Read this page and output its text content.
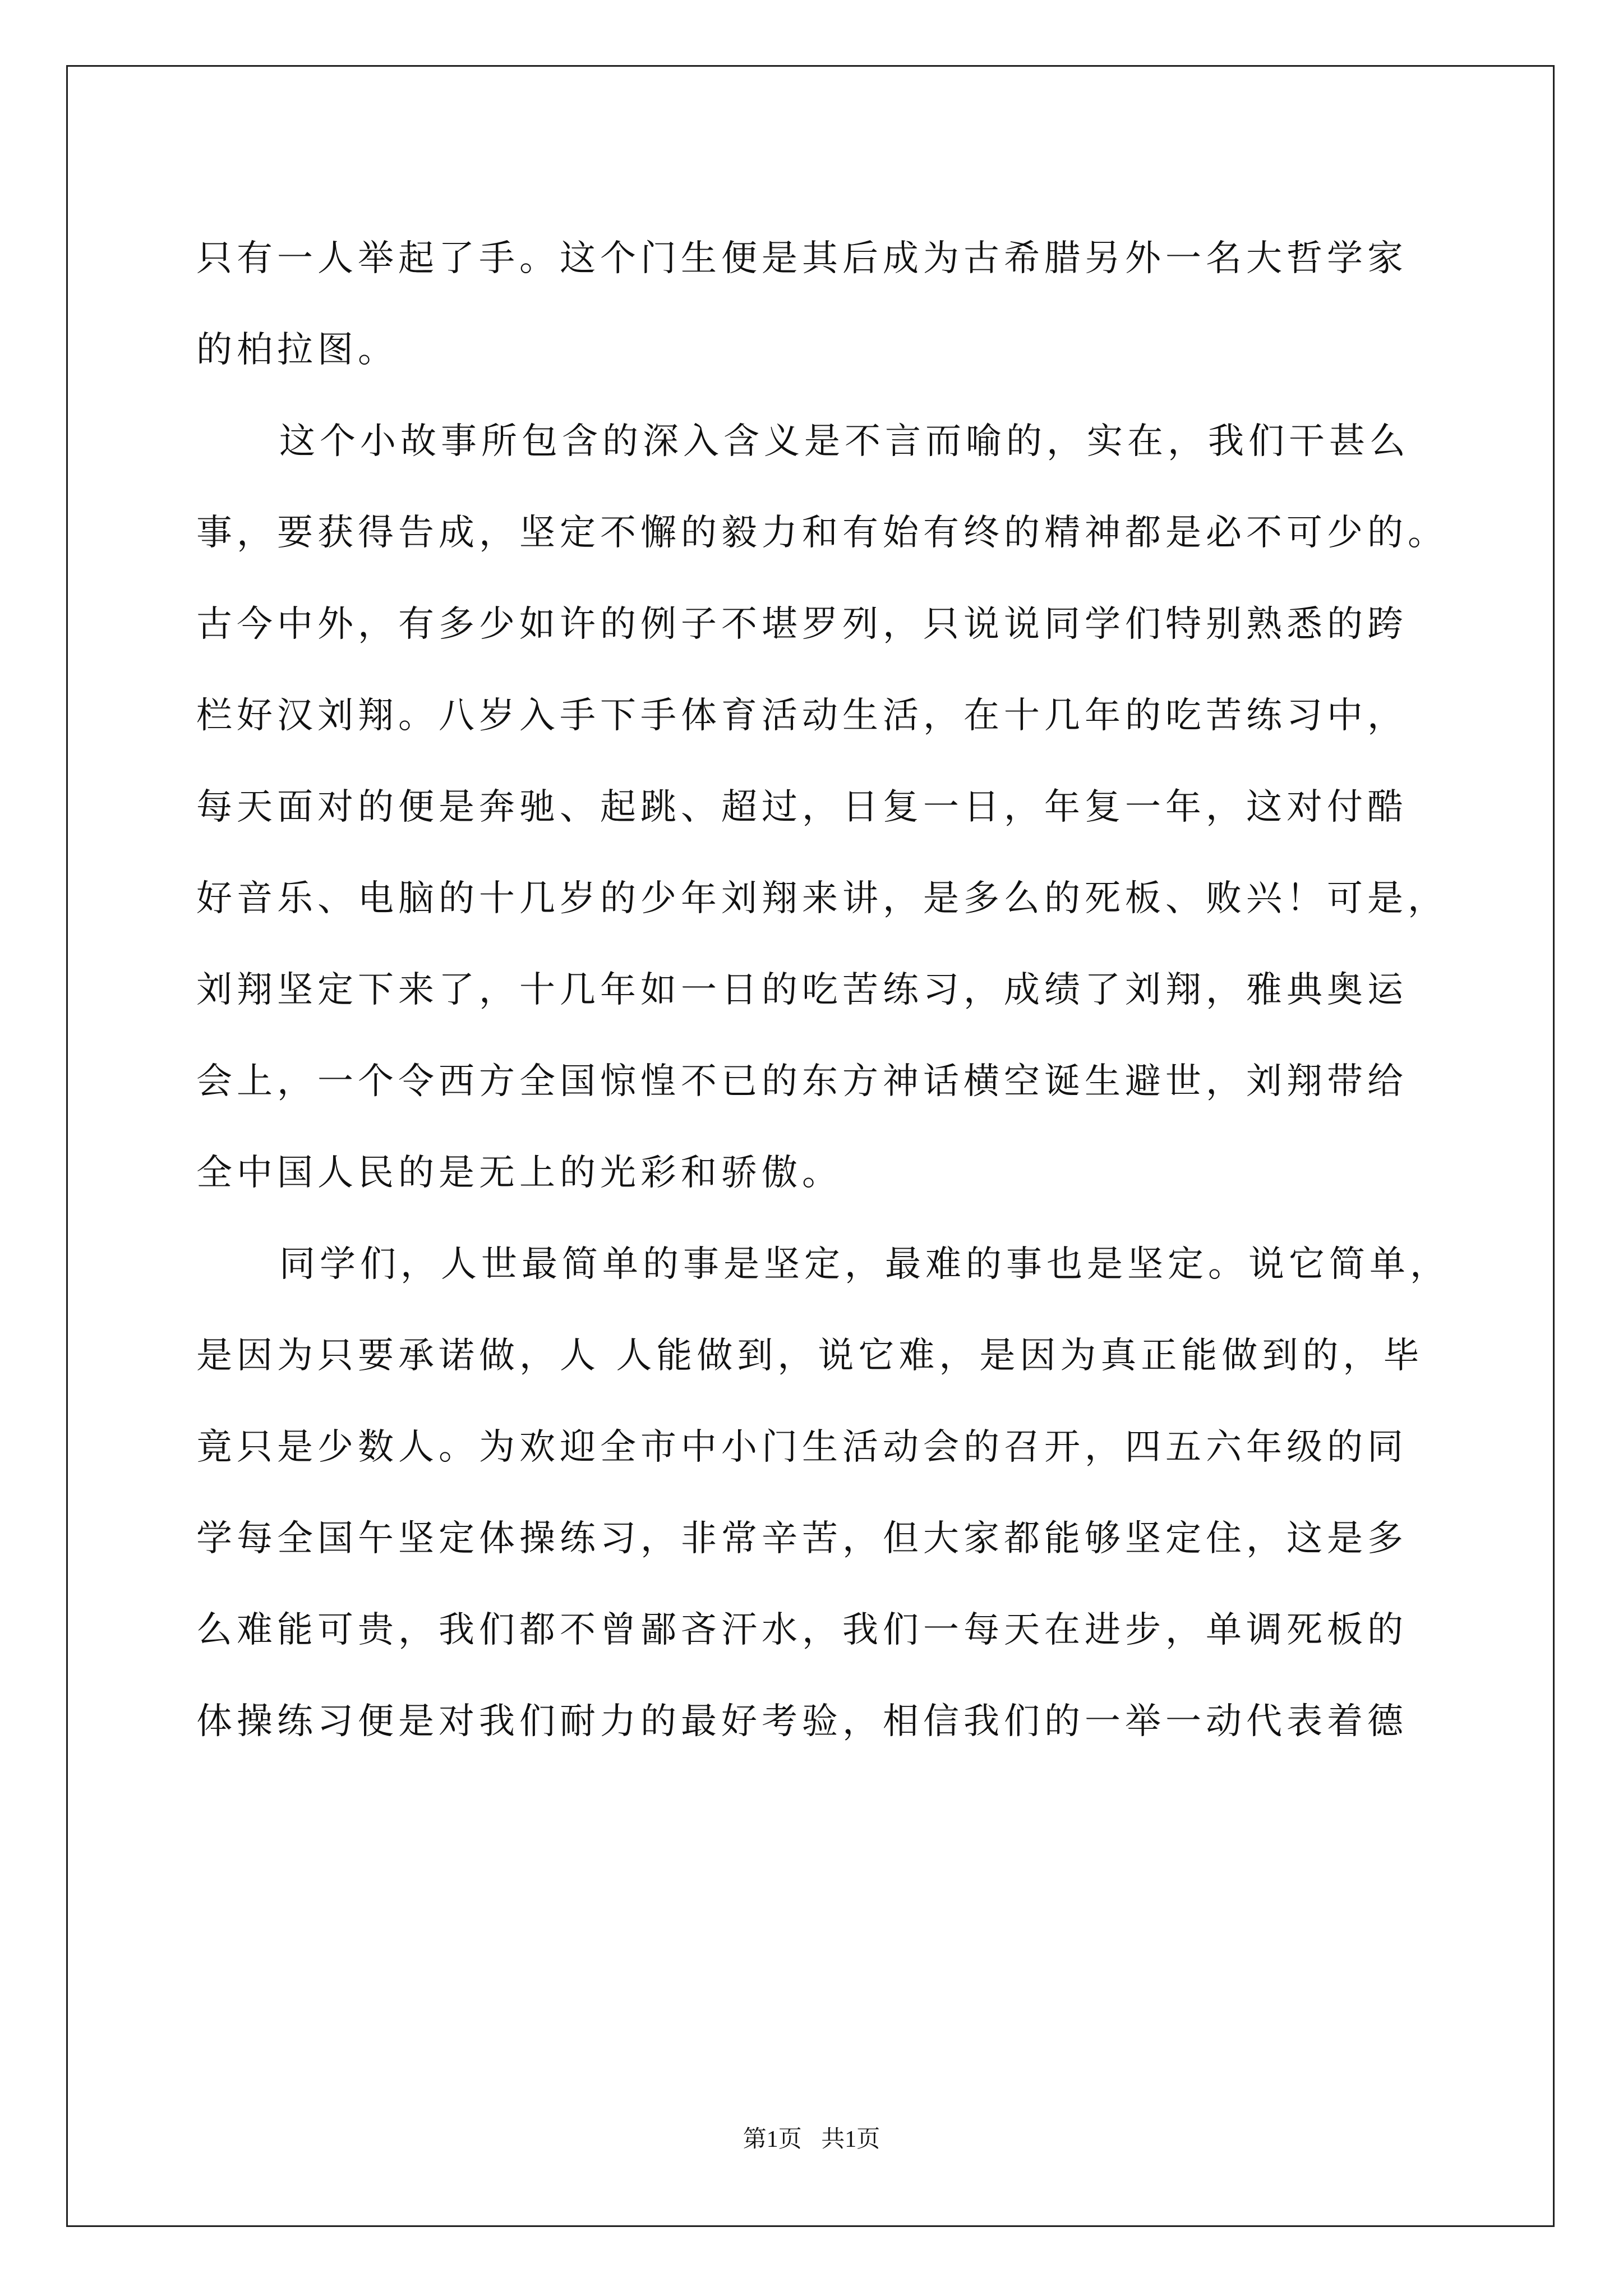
只有一人举起了手。这个门生便是其后成为古希腊另外一名大哲学家
的柏拉图。
这个小故事所包含的深入含义是不言而喻的，实在，我们干甚么
事，要获得告成，坚定不懈的毅力和有始有终的精神都是必不可少的。
古今中外，有多少如许的例子不堪罗列，只说说同学们特别熟悉的跨
栏好汉刘翔。八岁入手下手体育活动生活，在十几年的吃苦练习中，
每天面对的便是奔驰、起跳、超过，日复一日，年复一年，这对付酷
好音乐、电脑的十几岁的少年刘翔来讲，是多么的死板、败兴！可是，
刘翔坚定下来了，十几年如一日的吃苦练习，成绩了刘翔，雅典奥运
会上，一个令西方全国惊惶不已的东方神话横空诞生避世，刘翔带给
全中国人民的是无上的光彩和骄傲。
同学们，人世最简单的事是坚定，最难的事也是坚定。说它简单，
是因为只要承诺做，人 人能做到，说它难，是因为真正能做到的，毕
竟只是少数人。为欢迎全市中小门生活动会的召开，四五六年级的同
学每全国午坚定体操练习，非常辛苦，但大家都能够坚定住，这是多
么难能可贵，我们都不曾鄙吝汗水，我们一每天在进步，单调死板的
体操练习便是对我们耐力的最好考验，相信我们的一举一动代表着德
第1页 共1页
